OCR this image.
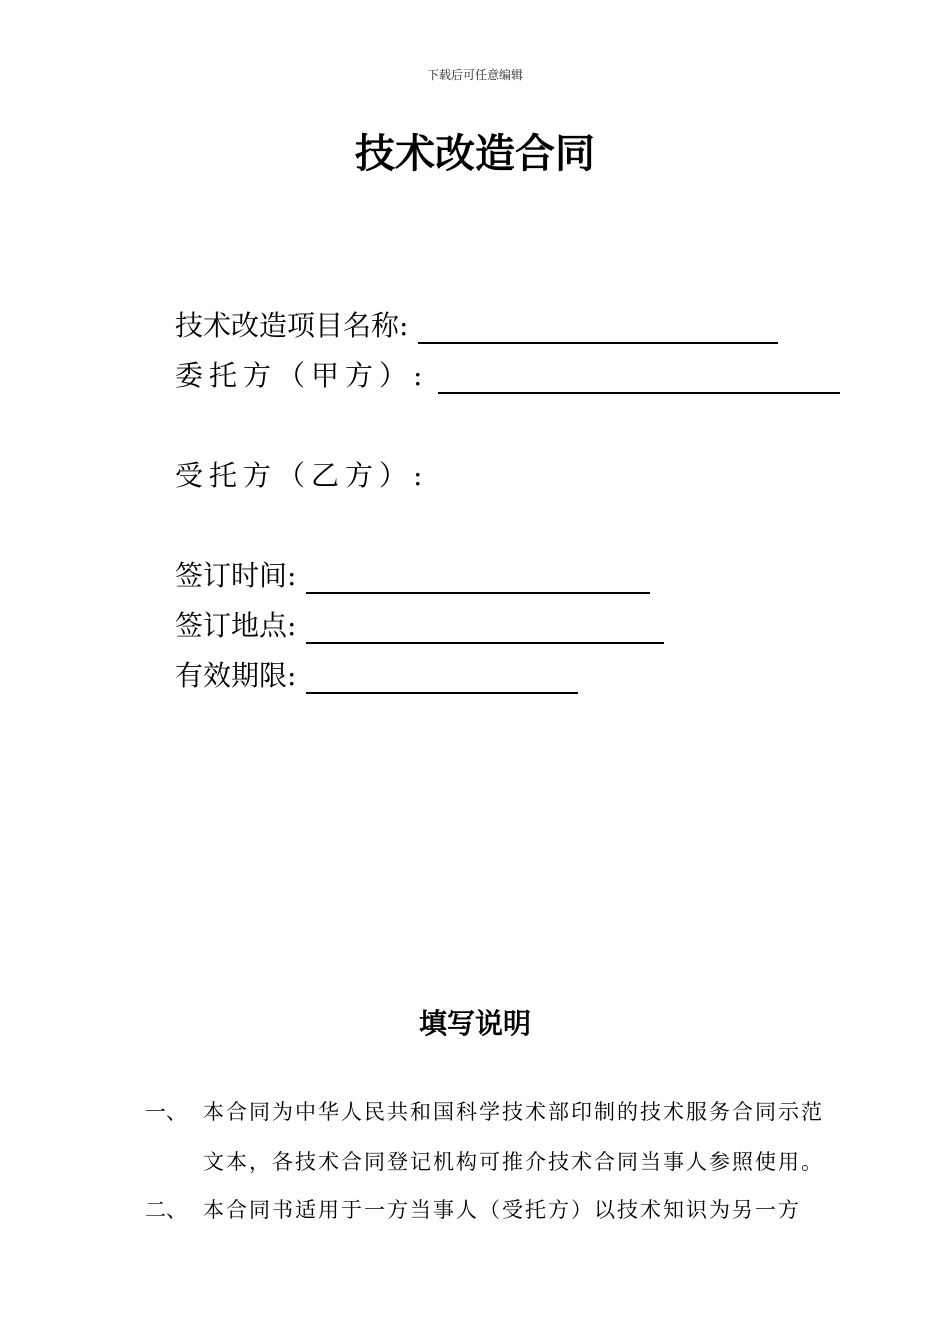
下载后可任意编辑
技术改造合同
技术改造项目名称:
委托方（甲方）:
受托方（乙方）:
签订时间:
签订地点:
有效期限:
填写说明
一、 本合同为中华人民共和国科学技术部印制的技术服务合同示范
文本，各技术合同登记机构可推介技术合同当事人参照使用。
二、 本合同书适用于一方当事人（受托方）以技术知识为另一方
